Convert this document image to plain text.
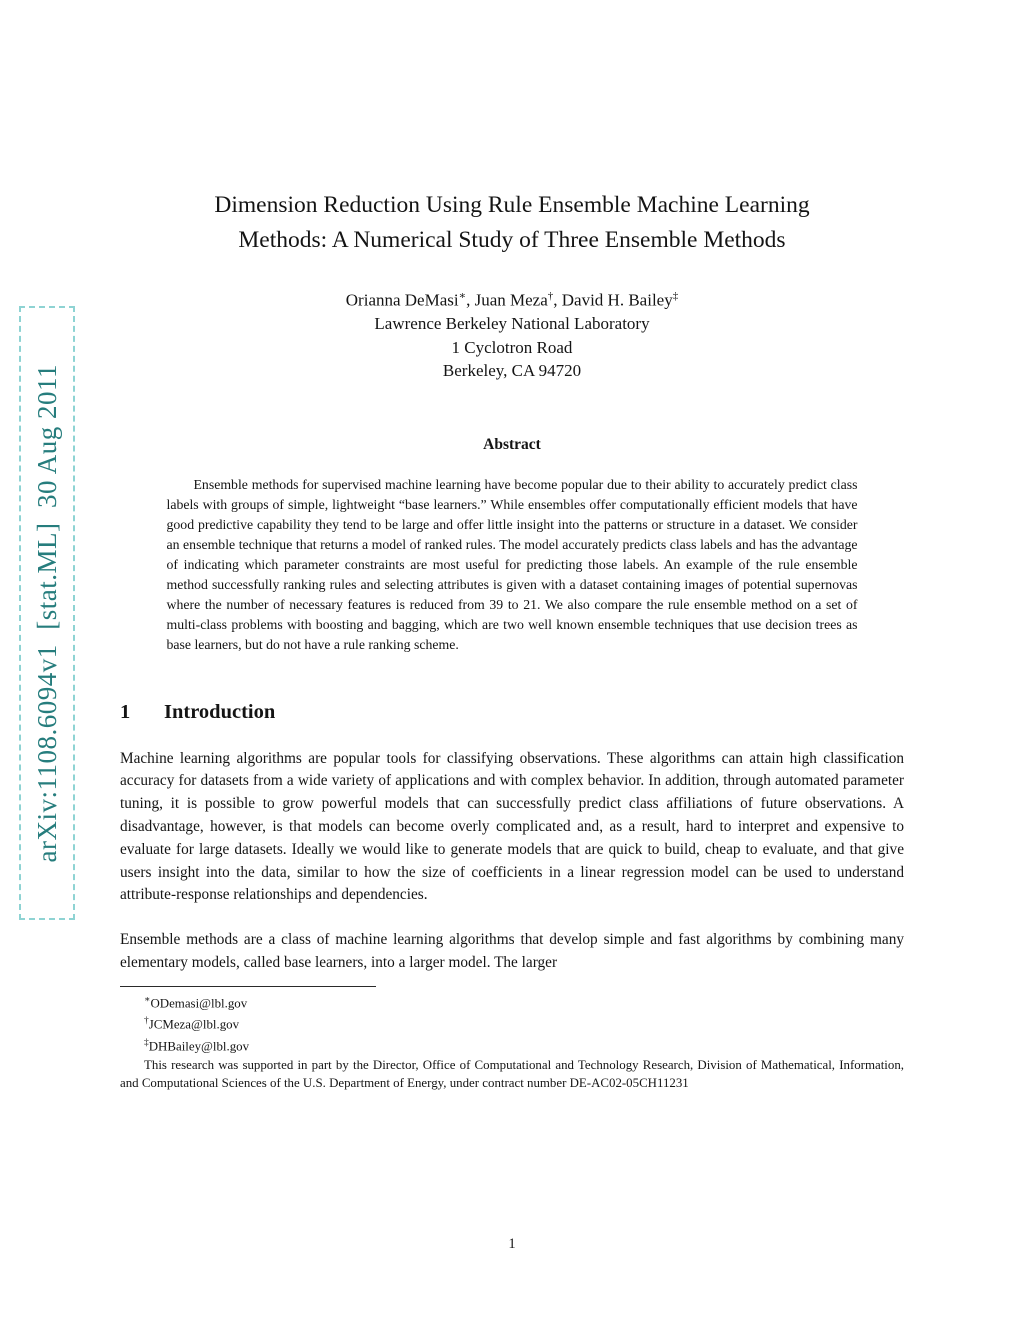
arXiv:1108.6094v1  [stat.ML]  30 Aug 2011
Dimension Reduction Using Rule Ensemble Machine Learning
Methods: A Numerical Study of Three Ensemble Methods
Orianna DeMasi∗, Juan Meza†, David H. Bailey‡
Lawrence Berkeley National Laboratory
1 Cyclotron Road
Berkeley, CA 94720
Abstract
Ensemble methods for supervised machine learning have become popular due to their ability to accurately predict class labels with groups of simple, lightweight “base learners.” While ensembles offer computationally efficient models that have good predictive capability they tend to be large and offer little insight into the patterns or structure in a dataset. We consider an ensemble technique that returns a model of ranked rules. The model accurately predicts class labels and has the advantage of indicating which parameter constraints are most useful for predicting those labels. An example of the rule ensemble method successfully ranking rules and selecting attributes is given with a dataset containing images of potential supernovas where the number of necessary features is reduced from 39 to 21. We also compare the rule ensemble method on a set of multi-class problems with boosting and bagging, which are two well known ensemble techniques that use decision trees as base learners, but do not have a rule ranking scheme.
1 Introduction
Machine learning algorithms are popular tools for classifying observations. These algorithms can attain high classification accuracy for datasets from a wide variety of applications and with complex behavior. In addition, through automated parameter tuning, it is possible to grow powerful models that can successfully predict class affiliations of future observations. A disadvantage, however, is that models can become overly complicated and, as a result, hard to interpret and expensive to evaluate for large datasets. Ideally we would like to generate models that are quick to build, cheap to evaluate, and that give users insight into the data, similar to how the size of coefficients in a linear regression model can be used to understand attribute-response relationships and dependencies.
Ensemble methods are a class of machine learning algorithms that develop simple and fast algorithms by combining many elementary models, called base learners, into a larger model. The larger
∗ODemasi@lbl.gov
†JCMeza@lbl.gov
‡DHBailey@lbl.gov
This research was supported in part by the Director, Office of Computational and Technology Research, Division of Mathematical, Information, and Computational Sciences of the U.S. Department of Energy, under contract number DE-AC02-05CH11231
1
